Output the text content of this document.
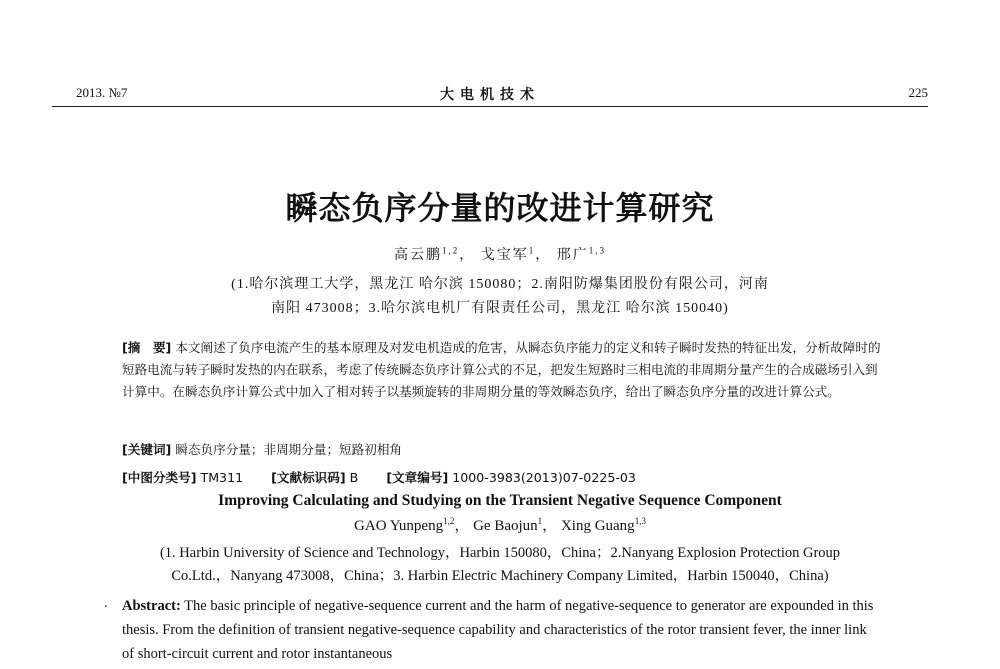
2013. №7	大电机技术	225
瞬态负序分量的改进计算研究
高云鹏$^{1,2}$， 戈宝军$^1$， 邢广$^{1,3}$
(1.哈尔滨理工大学，黑龙江 哈尔滨 150080；2.南阳防爆集团股份有限公司，河南
南阳 473008；3.哈尔滨电机厂有限责任公司，黑龙江 哈尔滨 150040)
[摘　要] 本文阐述了负序电流产生的基本原理及对发电机造成的危害，从瞬态负序能力的定义和转子瞬时发热的特征出发，分析故障时的短路电流与转子瞬时发热的内在联系，考虑了传统瞬态负序计算公式的不足，把发生短路时三相电流的非周期分量产生的合成磁场引入到计算中。在瞬态负序计算公式中加入了相对转子以基频旋转的非周期分量的等效瞬态负序，给出了瞬态负序分量的改进计算公式。
[关键词] 瞬态负序分量；非周期分量；短路初相角
[中图分类号] TM311 [文献标识码] B [文章编号] 1000-3983(2013)07-0225-03
Improving Calculating and Studying on the Transient Negative Sequence Component
GAO Yunpeng$^{1,2}$， Ge Baojun$^1$， Xing Guang$^{1,3}$
(1. Harbin University of Science and Technology，Harbin 150080，China；2.Nanyang Explosion Protection Group
Co.Ltd.，Nanyang 473008，China；3. Harbin Electric Machinery Company Limited，Harbin 150040，China)
. Abstract: The basic principle of negative-sequence current and the harm of negative-sequence to generator are expounded in this thesis. From the definition of transient negative-sequence capability and characteristics of the rotor transient fever, the inner link of short-circuit current and rotor instantaneous
